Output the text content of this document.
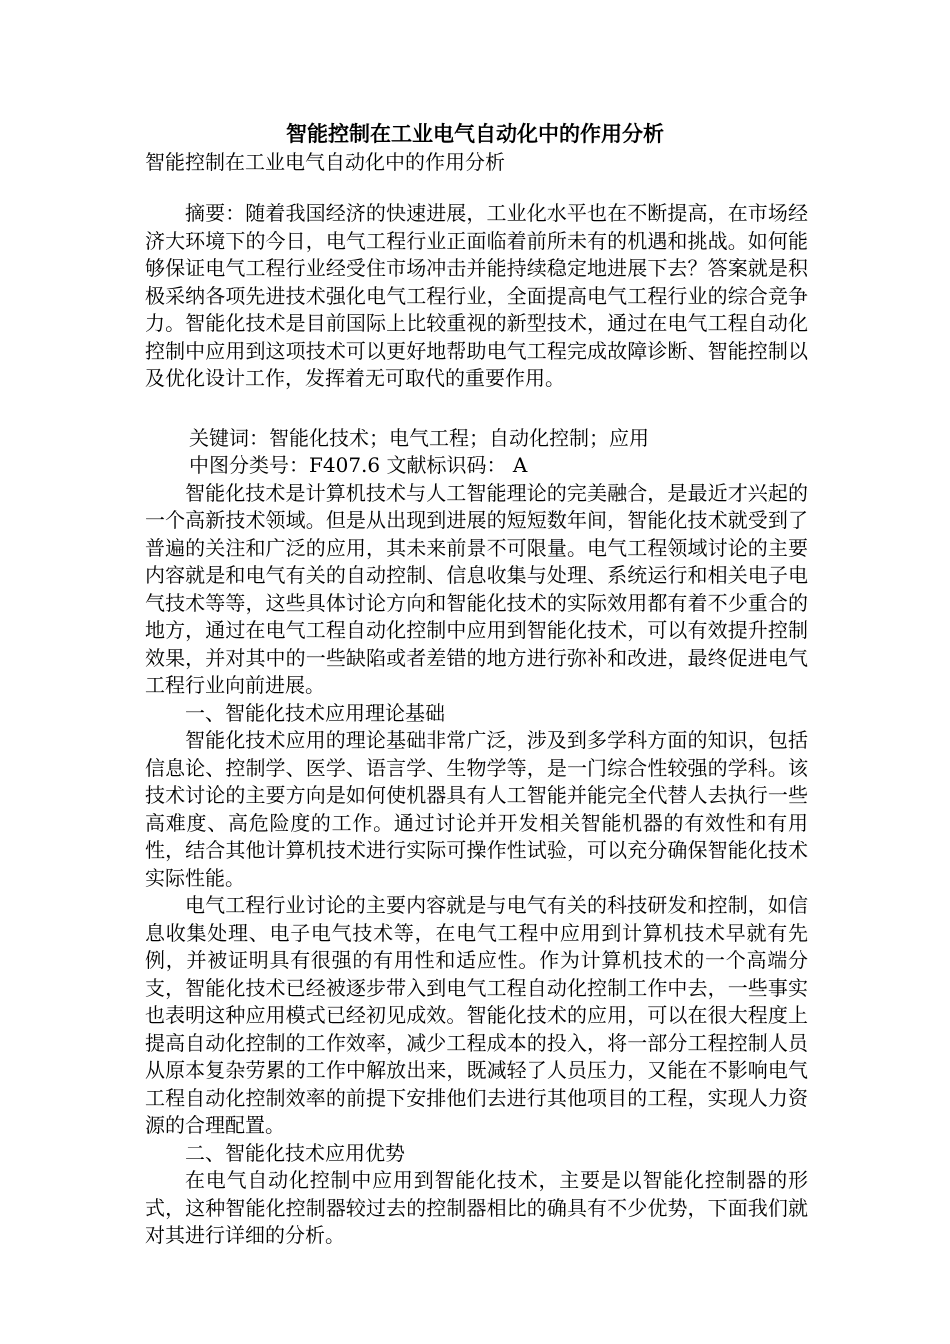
智能控制在工业电气自动化中的作用分析
智能控制在工业电气自动化中的作用分析

摘要：随着我国经济的快速进展，工业化水平也在不断提高，在市场经济大环境下的今日，电气工程行业正面临着前所未有的机遇和挑战。如何能够保证电气工程行业经受住市场冲击并能持续稳定地进展下去？答案就是积极采纳各项先进技术强化电气工程行业，全面提高电气工程行业的综合竞争力。智能化技术是目前国际上比较重视的新型技术，通过在电气工程自动化控制中应用到这项技术可以更好地帮助电气工程完成故障诊断、智能控制以及优化设计工作，发挥着无可取代的重要作用。

关键词：智能化技术；电气工程；自动化控制；应用

中图分类号：F407.6 文献标识码： A

智能化技术是计算机技术与人工智能理论的完美融合，是最近才兴起的一个高新技术领域。但是从出现到进展的短短数年间，智能化技术就受到了普遍的关注和广泛的应用，其未来前景不可限量。电气工程领域讨论的主要内容就是和电气有关的自动控制、信息收集与处理、系统运行和相关电子电气技术等等，这些具体讨论方向和智能化技术的实际效用都有着不少重合的地方，通过在电气工程自动化控制中应用到智能化技术，可以有效提升控制效果，并对其中的一些缺陷或者差错的地方进行弥补和改进，最终促进电气工程行业向前进展。

一、智能化技术应用理论基础

智能化技术应用的理论基础非常广泛，涉及到多学科方面的知识，包括信息论、控制学、医学、语言学、生物学等，是一门综合性较强的学科。该技术讨论的主要方向是如何使机器具有人工智能并能完全代替人去执行一些高难度、高危险度的工作。通过讨论并开发相关智能机器的有效性和有用性，结合其他计算机技术进行实际可操作性试验，可以充分确保智能化技术实际性能。

电气工程行业讨论的主要内容就是与电气有关的科技研发和控制，如信息收集处理、电子电气技术等，在电气工程中应用到计算机技术早就有先例，并被证明具有很强的有用性和适应性。作为计算机技术的一个高端分支，智能化技术已经被逐步带入到电气工程自动化控制工作中去，一些事实也表明这种应用模式已经初见成效。智能化技术的应用，可以在很大程度上提高自动化控制的工作效率，减少工程成本的投入，将一部分工程控制人员从原本复杂劳累的工作中解放出来，既减轻了人员压力，又能在不影响电气工程自动化控制效率的前提下安排他们去进行其他项目的工程，实现人力资源的合理配置。

二、智能化技术应用优势

在电气自动化控制中应用到智能化技术，主要是以智能化控制器的形式，这种智能化控制器较过去的控制器相比的确具有不少优势，下面我们就对其进行详细的分析。
